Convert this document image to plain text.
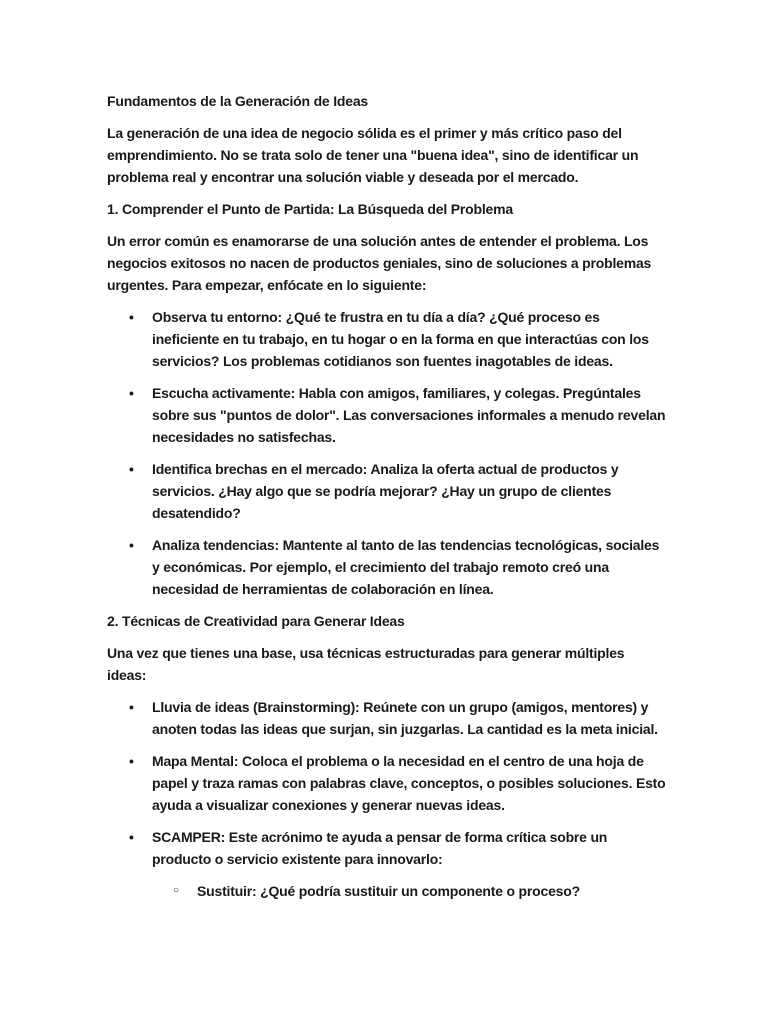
Fundamentos de la Generación de Ideas
La generación de una idea de negocio sólida es el primer y más crítico paso del emprendimiento. No se trata solo de tener una "buena idea", sino de identificar un problema real y encontrar una solución viable y deseada por el mercado.
1. Comprender el Punto de Partida: La Búsqueda del Problema
Un error común es enamorarse de una solución antes de entender el problema. Los negocios exitosos no nacen de productos geniales, sino de soluciones a problemas urgentes. Para empezar, enfócate en lo siguiente:
• Observa tu entorno: ¿Qué te frustra en tu día a día? ¿Qué proceso es ineficiente en tu trabajo, en tu hogar o en la forma en que interactúas con los servicios? Los problemas cotidianos son fuentes inagotables de ideas.
• Escucha activamente: Habla con amigos, familiares, y colegas. Pregúntales sobre sus "puntos de dolor". Las conversaciones informales a menudo revelan necesidades no satisfechas.
• Identifica brechas en el mercado: Analiza la oferta actual de productos y servicios. ¿Hay algo que se podría mejorar? ¿Hay un grupo de clientes desatendido?
• Analiza tendencias: Mantente al tanto de las tendencias tecnológicas, sociales y económicas. Por ejemplo, el crecimiento del trabajo remoto creó una necesidad de herramientas de colaboración en línea.
2. Técnicas de Creatividad para Generar Ideas
Una vez que tienes una base, usa técnicas estructuradas para generar múltiples ideas:
• Lluvia de ideas (Brainstorming): Reúnete con un grupo (amigos, mentores) y anoten todas las ideas que surjan, sin juzgarlas. La cantidad es la meta inicial.
• Mapa Mental: Coloca el problema o la necesidad en el centro de una hoja de papel y traza ramas con palabras clave, conceptos, o posibles soluciones. Esto ayuda a visualizar conexiones y generar nuevas ideas.
• SCAMPER: Este acrónimo te ayuda a pensar de forma crítica sobre un producto o servicio existente para innovarlo:
○ Sustituir: ¿Qué podría sustituir un componente o proceso?
